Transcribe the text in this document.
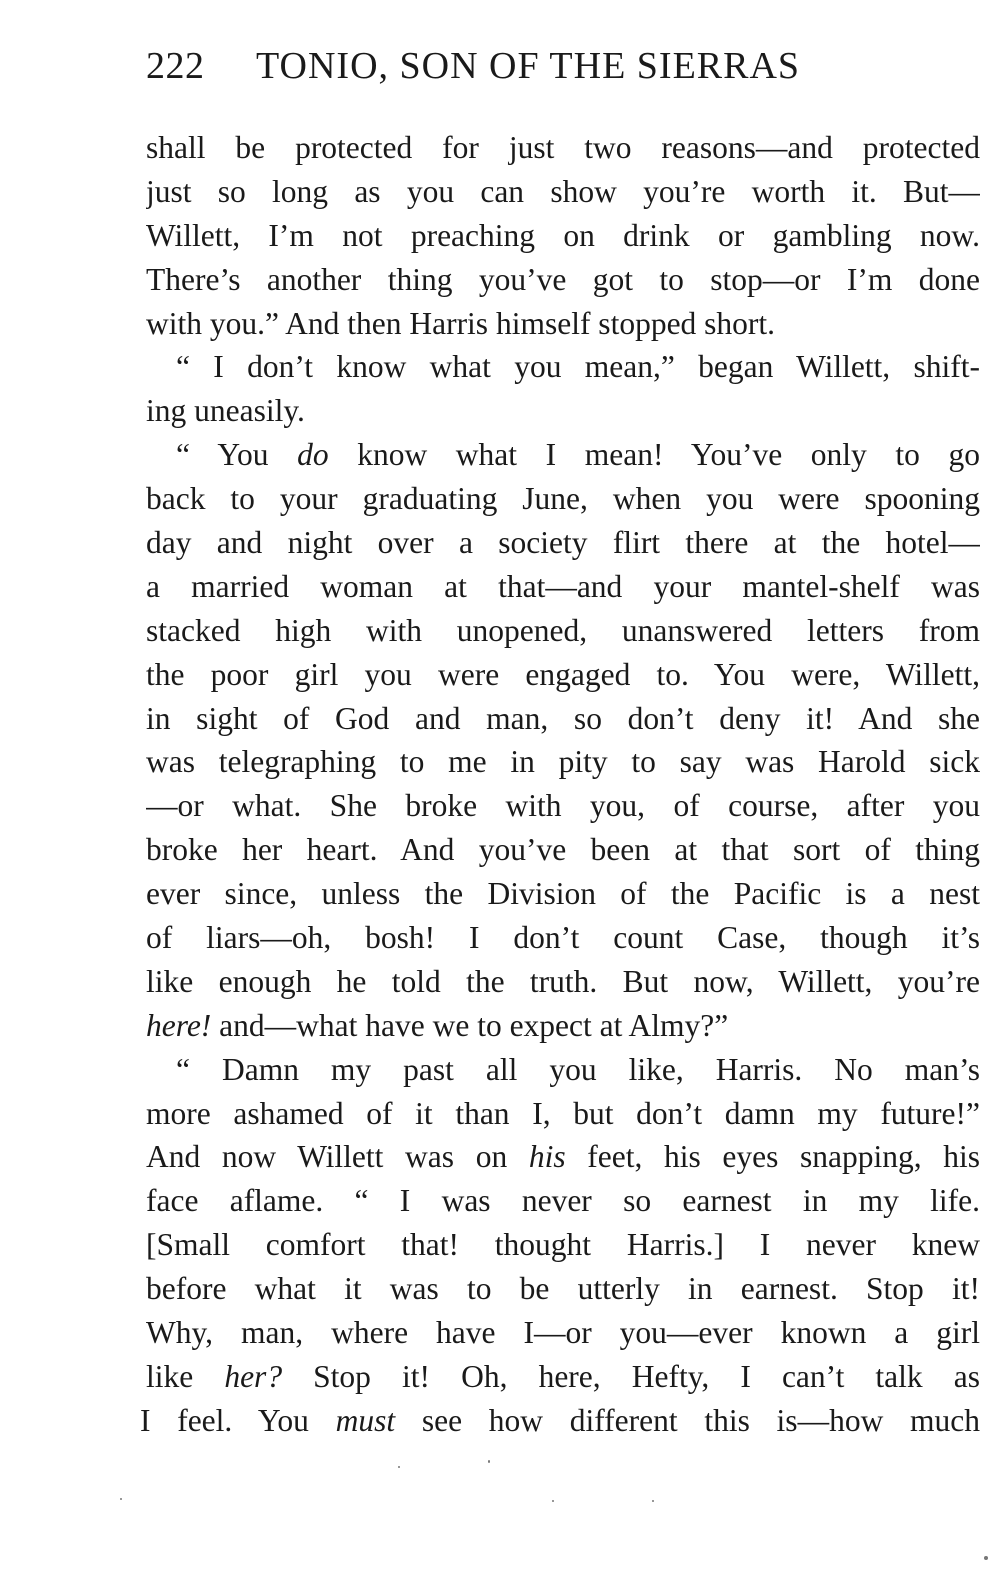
222 TONIO, SON OF THE SIERRAS
shall be protected for just two reasons—and protected
just so long as you can show you’re worth it. But—
Willett, I’m not preaching on drink or gambling now.
There’s another thing you’ve got to stop—or I’m done
with you.” And then Harris himself stopped short.
“ I don’t know what you mean,” began Willett, shift-
ing uneasily.
“ You do know what I mean! You’ve only to go
back to your graduating June, when you were spooning
day and night over a society flirt there at the hotel—
a married woman at that—and your mantel-shelf was
stacked high with unopened, unanswered letters from
the poor girl you were engaged to. You were, Willett,
in sight of God and man, so don’t deny it! And she
was telegraphing to me in pity to say was Harold sick
—or what. She broke with you, of course, after you
broke her heart. And you’ve been at that sort of thing
ever since, unless the Division of the Pacific is a nest
of liars—oh, bosh! I don’t count Case, though it’s
like enough he told the truth. But now, Willett, you’re
here! and—what have we to expect at Almy?”
“ Damn my past all you like, Harris. No man’s
more ashamed of it than I, but don’t damn my future!”
And now Willett was on his feet, his eyes snapping, his
face aflame. “ I was never so earnest in my life.
[Small comfort that! thought Harris.] I never knew
before what it was to be utterly in earnest. Stop it!
Why, man, where have I—or you—ever known a girl
like her? Stop it! Oh, here, Hefty, I can’t talk as
I feel. You must see how different this is—how much
